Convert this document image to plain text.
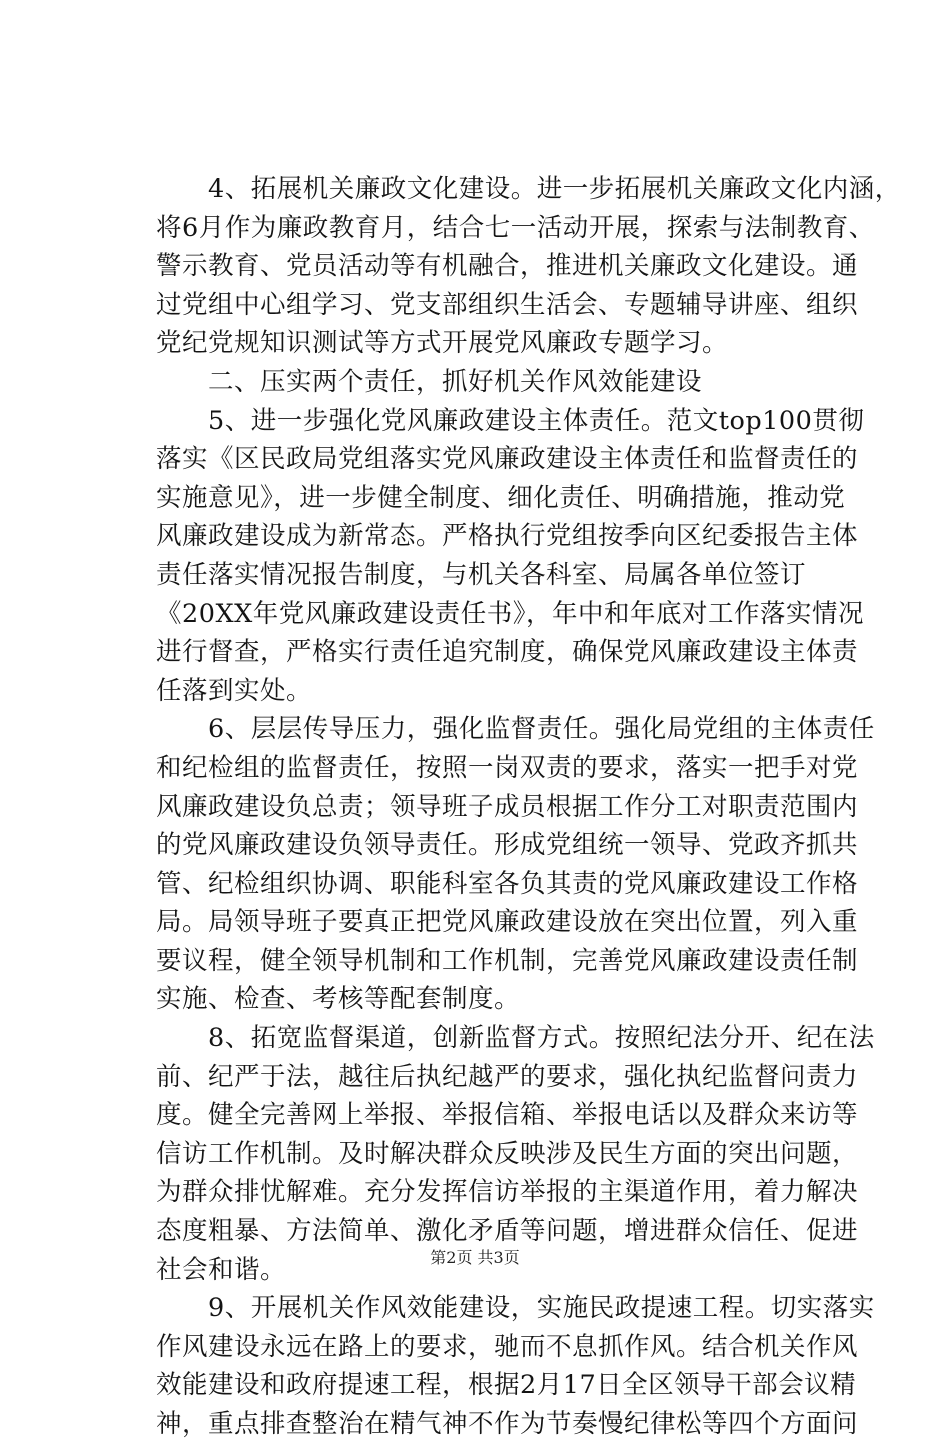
　　4、拓展机关廉政文化建设。进一步拓展机关廉政文化内涵，
将6月作为廉政教育月，结合七一活动开展，探索与法制教育、
警示教育、党员活动等有机融合，推进机关廉政文化建设。通
过党组中心组学习、党支部组织生活会、专题辅导讲座、组织
党纪党规知识测试等方式开展党风廉政专题学习。
　　二、压实两个责任，抓好机关作风效能建设
　　5、进一步强化党风廉政建设主体责任。范文top100贯彻
落实《区民政局党组落实党风廉政建设主体责任和监督责任的
实施意见》，进一步健全制度、细化责任、明确措施，推动党
风廉政建设成为新常态。严格执行党组按季向区纪委报告主体
责任落实情况报告制度，与机关各科室、局属各单位签订
《20XX年党风廉政建设责任书》，年中和年底对工作落实情况
进行督查，严格实行责任追究制度，确保党风廉政建设主体责
任落到实处。
　　6、层层传导压力，强化监督责任。强化局党组的主体责任
和纪检组的监督责任，按照一岗双责的要求，落实一把手对党
风廉政建设负总责；领导班子成员根据工作分工对职责范围内
的党风廉政建设负领导责任。形成党组统一领导、党政齐抓共
管、纪检组织协调、职能科室各负其责的党风廉政建设工作格
局。局领导班子要真正把党风廉政建设放在突出位置，列入重
要议程，健全领导机制和工作机制，完善党风廉政建设责任制
实施、检查、考核等配套制度。
　　8、拓宽监督渠道，创新监督方式。按照纪法分开、纪在法
前、纪严于法，越往后执纪越严的要求，强化执纪监督问责力
度。健全完善网上举报、举报信箱、举报电话以及群众来访等
信访工作机制。及时解决群众反映涉及民生方面的突出问题，
为群众排忧解难。充分发挥信访举报的主渠道作用，着力解决
态度粗暴、方法简单、激化矛盾等问题，增进群众信任、促进
社会和谐。
　　9、开展机关作风效能建设，实施民政提速工程。切实落实
作风建设永远在路上的要求，驰而不息抓作风。结合机关作风
效能建设和政府提速工程，根据2月17日全区领导干部会议精
神，重点排查整治在精气神不作为节奏慢纪律松等四个方面问
第2页 共3页
